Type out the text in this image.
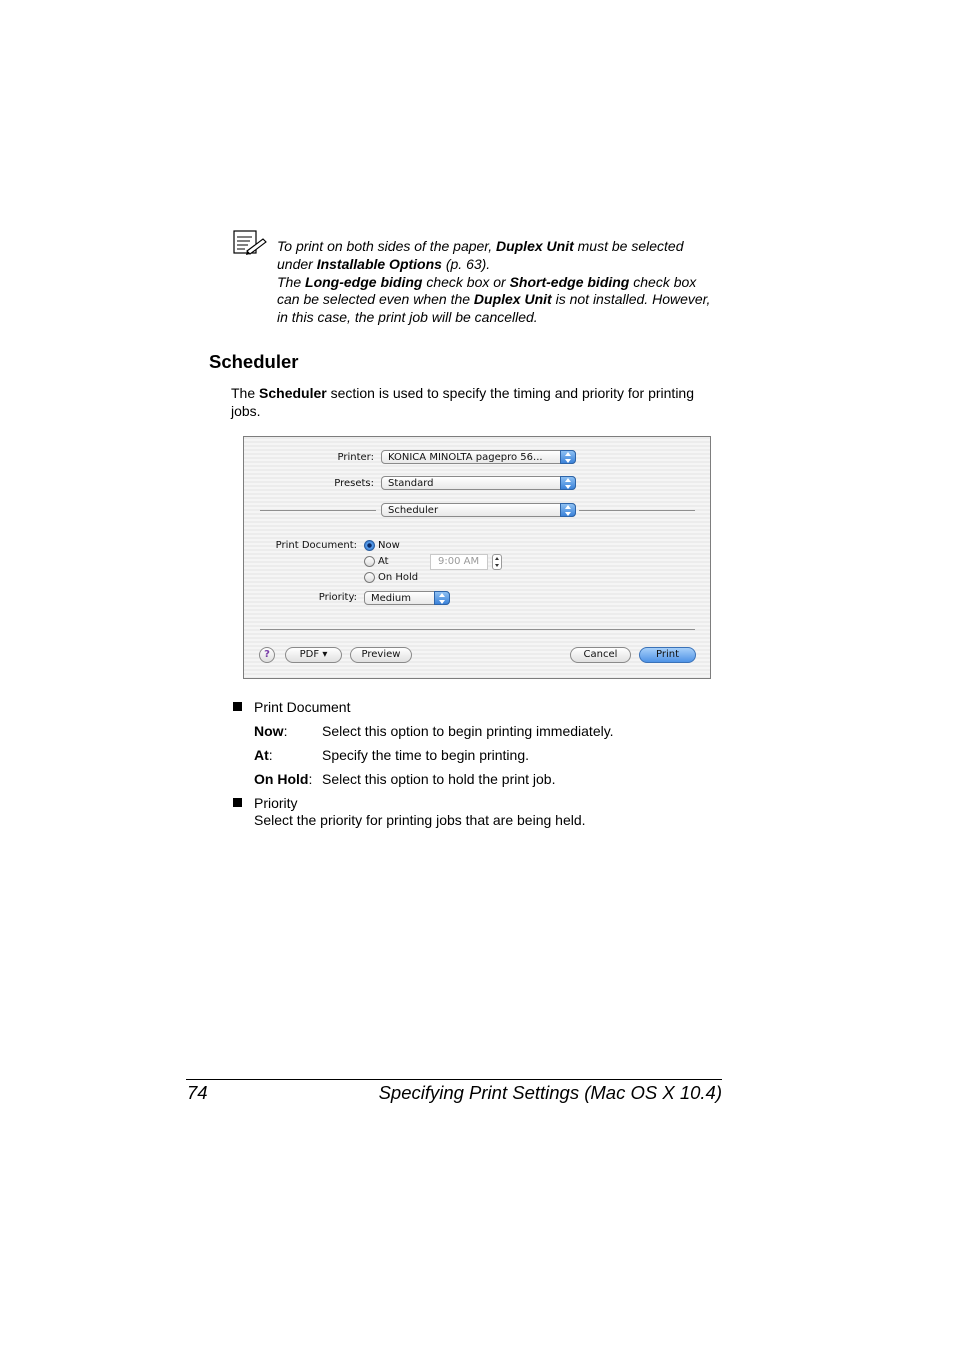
To print on both sides of the paper, Duplex Unit must be selected
under Installable Options (p. 63).
The Long-edge biding check box or Short-edge biding check box
can be selected even when the Duplex Unit is not installed. However,
in this case, the print job will be cancelled.
Scheduler
The Scheduler section is used to specify the timing and priority for printing jobs.
Printer: KONICA MINOLTA pagepro 56...
Presets: Standard
Scheduler
Print Document: Now
At	9:00 AM
On Hold
Priority: Medium
?	PDF ▾	Preview	Cancel	Print
Print Document
Now: Select this option to begin printing immediately.
At:	Specify the time to begin printing.
On Hold: Select this option to hold the print job.
Priority
Select the priority for printing jobs that are being held.
74	Specifying Print Settings (Mac OS X 10.4)
